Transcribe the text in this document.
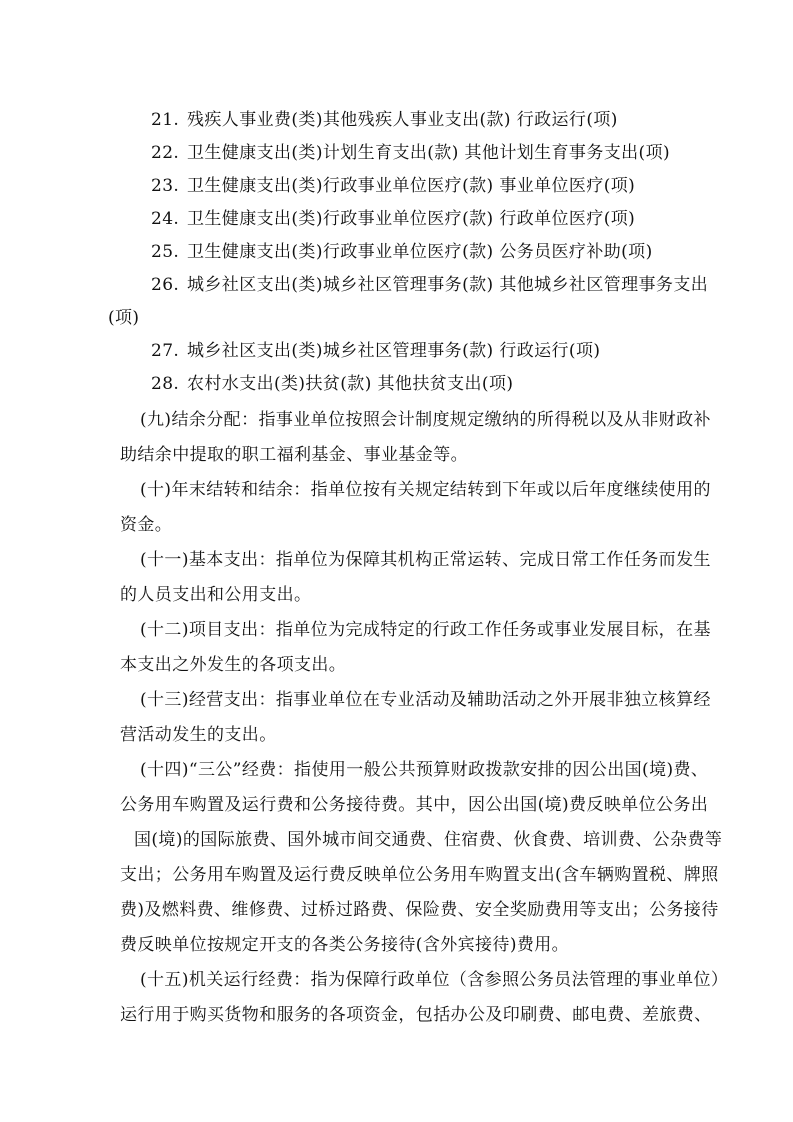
21. 残疾人事业费(类)其他残疾人事业支出(款) 行政运行(项)
22. 卫生健康支出(类)计划生育支出(款) 其他计划生育事务支出(项)
23. 卫生健康支出(类)行政事业单位医疗(款) 事业单位医疗(项)
24. 卫生健康支出(类)行政事业单位医疗(款) 行政单位医疗(项)
25. 卫生健康支出(类)行政事业单位医疗(款) 公务员医疗补助(项)
26. 城乡社区支出(类)城乡社区管理事务(款) 其他城乡社区管理事务支出
(项)
27. 城乡社区支出(类)城乡社区管理事务(款) 行政运行(项)
28. 农村水支出(类)扶贫(款) 其他扶贫支出(项)
(九)结余分配：指事业单位按照会计制度规定缴纳的所得税以及从非财政补
助结余中提取的职工福利基金、事业基金等。
(十)年末结转和结余：指单位按有关规定结转到下年或以后年度继续使用的
资金。
(十一)基本支出：指单位为保障其机构正常运转、完成日常工作任务而发生
的人员支出和公用支出。
(十二)项目支出：指单位为完成特定的行政工作任务或事业发展目标，在基
本支出之外发生的各项支出。
(十三)经营支出：指事业单位在专业活动及辅助活动之外开展非独立核算经
营活动发生的支出。
(十四)“三公”经费：指使用一般公共预算财政拨款安排的因公出国(境)费、
公务用车购置及运行费和公务接待费。其中，因公出国(境)费反映单位公务出
国(境)的国际旅费、国外城市间交通费、住宿费、伙食费、培训费、公杂费等
支出；公务用车购置及运行费反映单位公务用车购置支出(含车辆购置税、牌照
费)及燃料费、维修费、过桥过路费、保险费、安全奖励费用等支出；公务接待
费反映单位按规定开支的各类公务接待(含外宾接待)费用。
(十五)机关运行经费：指为保障行政单位（含参照公务员法管理的事业单位）
运行用于购买货物和服务的各项资金，包括办公及印刷费、邮电费、差旅费、
